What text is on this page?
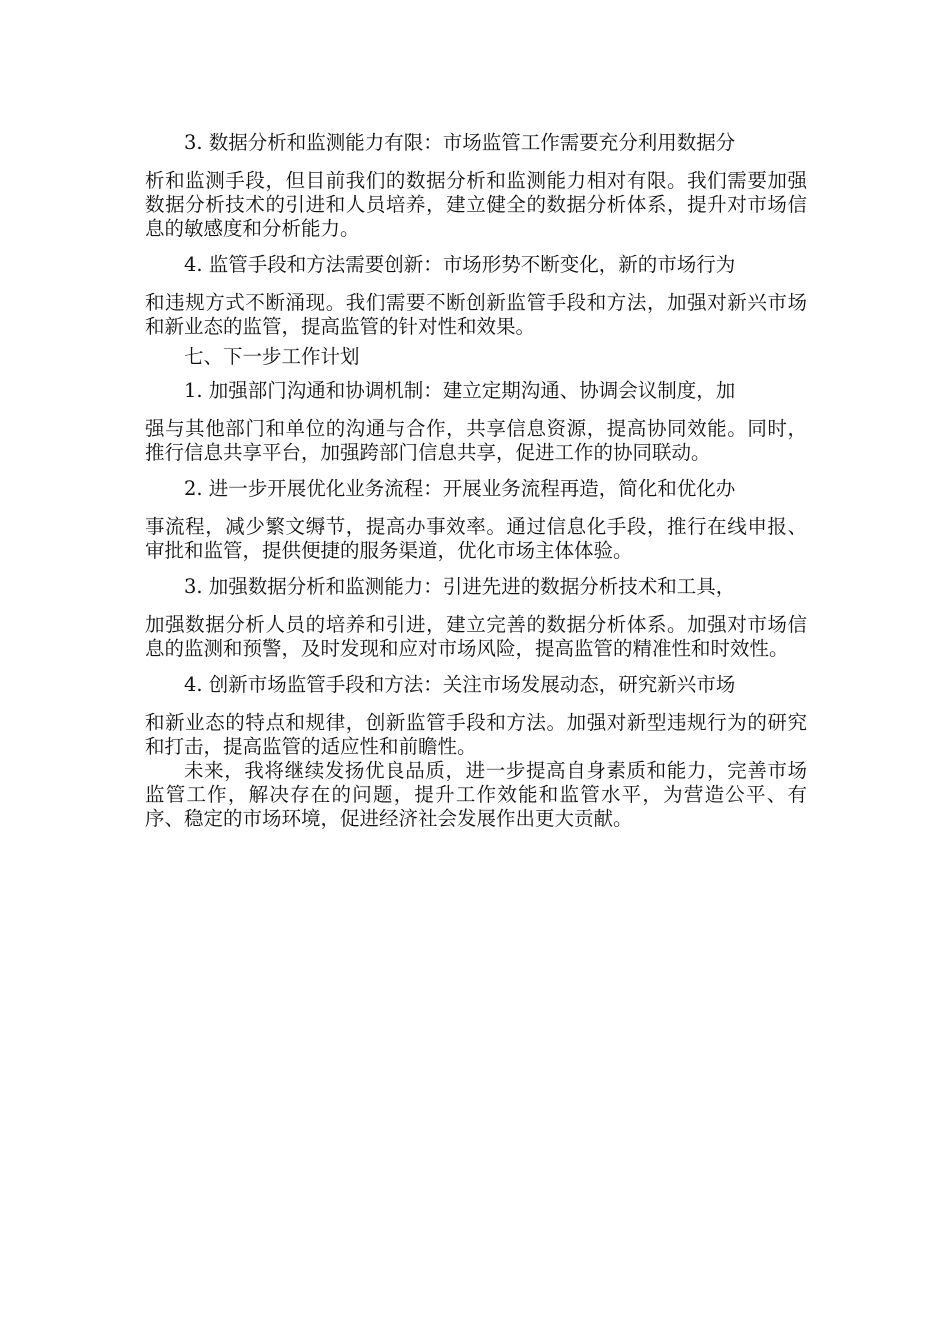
3. 数据分析和监测能力有限：市场监管工作需要充分利用数据分
析和监测手段，但目前我们的数据分析和监测能力相对有限。我们需要加强数据分析技术的引进和人员培养，建立健全的数据分析体系，提升对市场信息的敏感度和分析能力。

4. 监管手段和方法需要创新：市场形势不断变化，新的市场行为
和违规方式不断涌现。我们需要不断创新监管手段和方法，加强对新兴市场和新业态的监管，提高监管的针对性和效果。

七、下一步工作计划

1. 加强部门沟通和协调机制：建立定期沟通、协调会议制度，加
强与其他部门和单位的沟通与合作，共享信息资源，提高协同效能。同时，推行信息共享平台，加强跨部门信息共享，促进工作的协同联动。

2. 进一步开展优化业务流程：开展业务流程再造，简化和优化办
事流程，减少繁文缛节，提高办事效率。通过信息化手段，推行在线申报、审批和监管，提供便捷的服务渠道，优化市场主体体验。

3. 加强数据分析和监测能力：引进先进的数据分析技术和工具，
加强数据分析人员的培养和引进，建立完善的数据分析体系。加强对市场信息的监测和预警，及时发现和应对市场风险，提高监管的精准性和时效性。

4. 创新市场监管手段和方法：关注市场发展动态，研究新兴市场
和新业态的特点和规律，创新监管手段和方法。加强对新型违规行为的研究和打击，提高监管的适应性和前瞻性。

未来，我将继续发扬优良品质，进一步提高自身素质和能力，完善市场监管工作，解决存在的问题，提升工作效能和监管水平，为营造公平、有序、稳定的市场环境，促进经济社会发展作出更大贡献。
